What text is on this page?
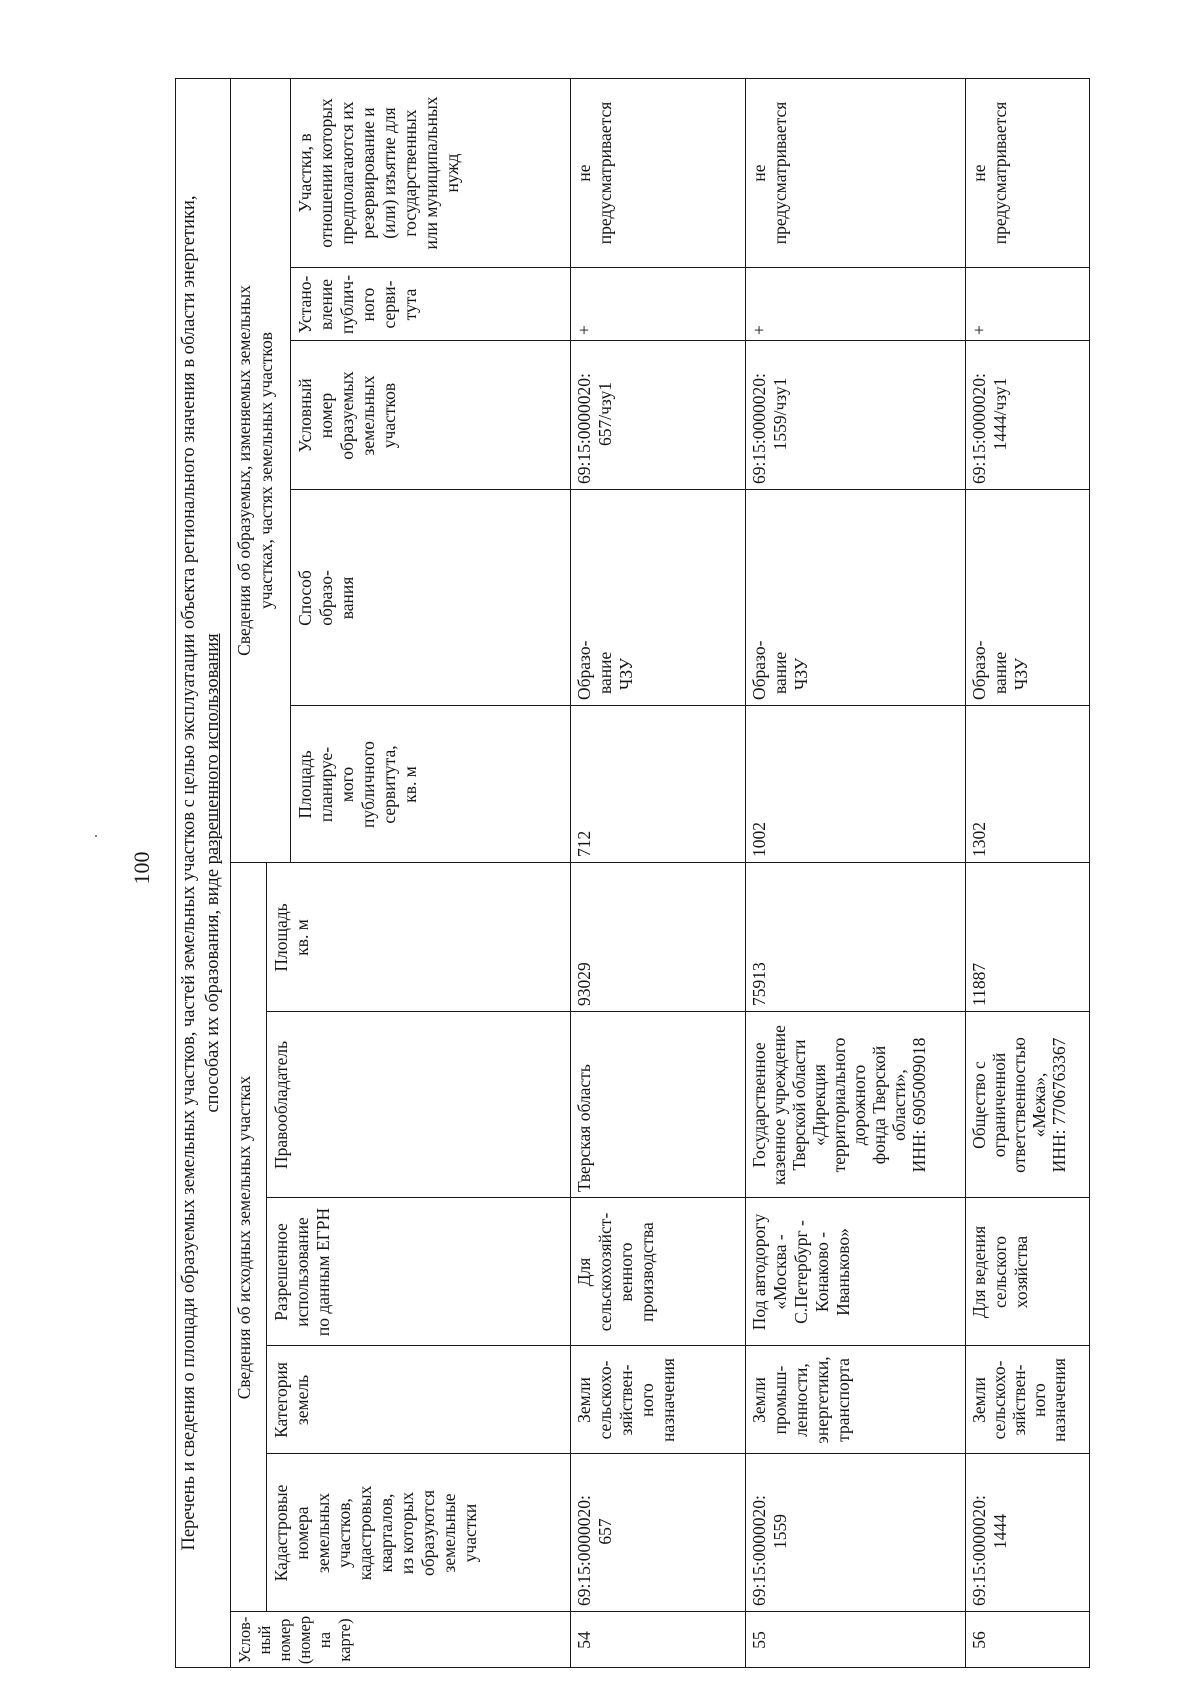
100	Перечень и сведения о площади образуемых земельных участков, частей земельных участков с целью эксплуатации объекта регионального значения в области энергетики, способах их образования, виде разрешенного использования
Сведения об исходных земельных участках
Сведения об образуемых, изменяемых земельных участках, частях земельных участков
Услов- ный номер (номер на карте)
Кадастровые номера земельных участков, кадастровых кварталов, из которых образуются земельные участки
Категория земель
Разрешенное использование по данным ЕГРН
Правообладатель
Площадь кв. м
Площадь планируе- мого публичного сервитута, кв. м
Способ образо- вания
Условный номер образуемых земельных участков
Устано- вление публич- ного серви- тута
Участки, в отношении которых предполагаются их резервирование и (или) изъятие для государственных или муниципальных нужд
54
69:15:0000020: 657
Земли сельскохо- зяйствен- ного назначения
Для сельскохозяйст- венного производства
Тверская область
93029
712
Образо- вание ЧЗУ
69:15:0000020: 657/чзу1
+
не предусматривается
55
69:15:0000020: 1559
Земли промыш- ленности, энергетики, транспорта
Под автодорогу «Москва - С.Петербург - Конаково - Иваньково»
Государственное казенное учреждение Тверской области «Дирекция территориального дорожного фонда Тверской области», ИНН: 6905009018
75913
1002
Образо- вание ЧЗУ
69:15:0000020: 1559/чзу1
+
не предусматривается
56
69:15:0000020: 1444
Земли сельскохо- зяйствен- ного назначения
Для ведения сельского хозяйства
Общество с ограниченной ответственностью «Межа», ИНН: 7706763367
11887
1302
Образо- вание ЧЗУ
69:15:0000020: 1444/чзу1
+
не предусматривается
